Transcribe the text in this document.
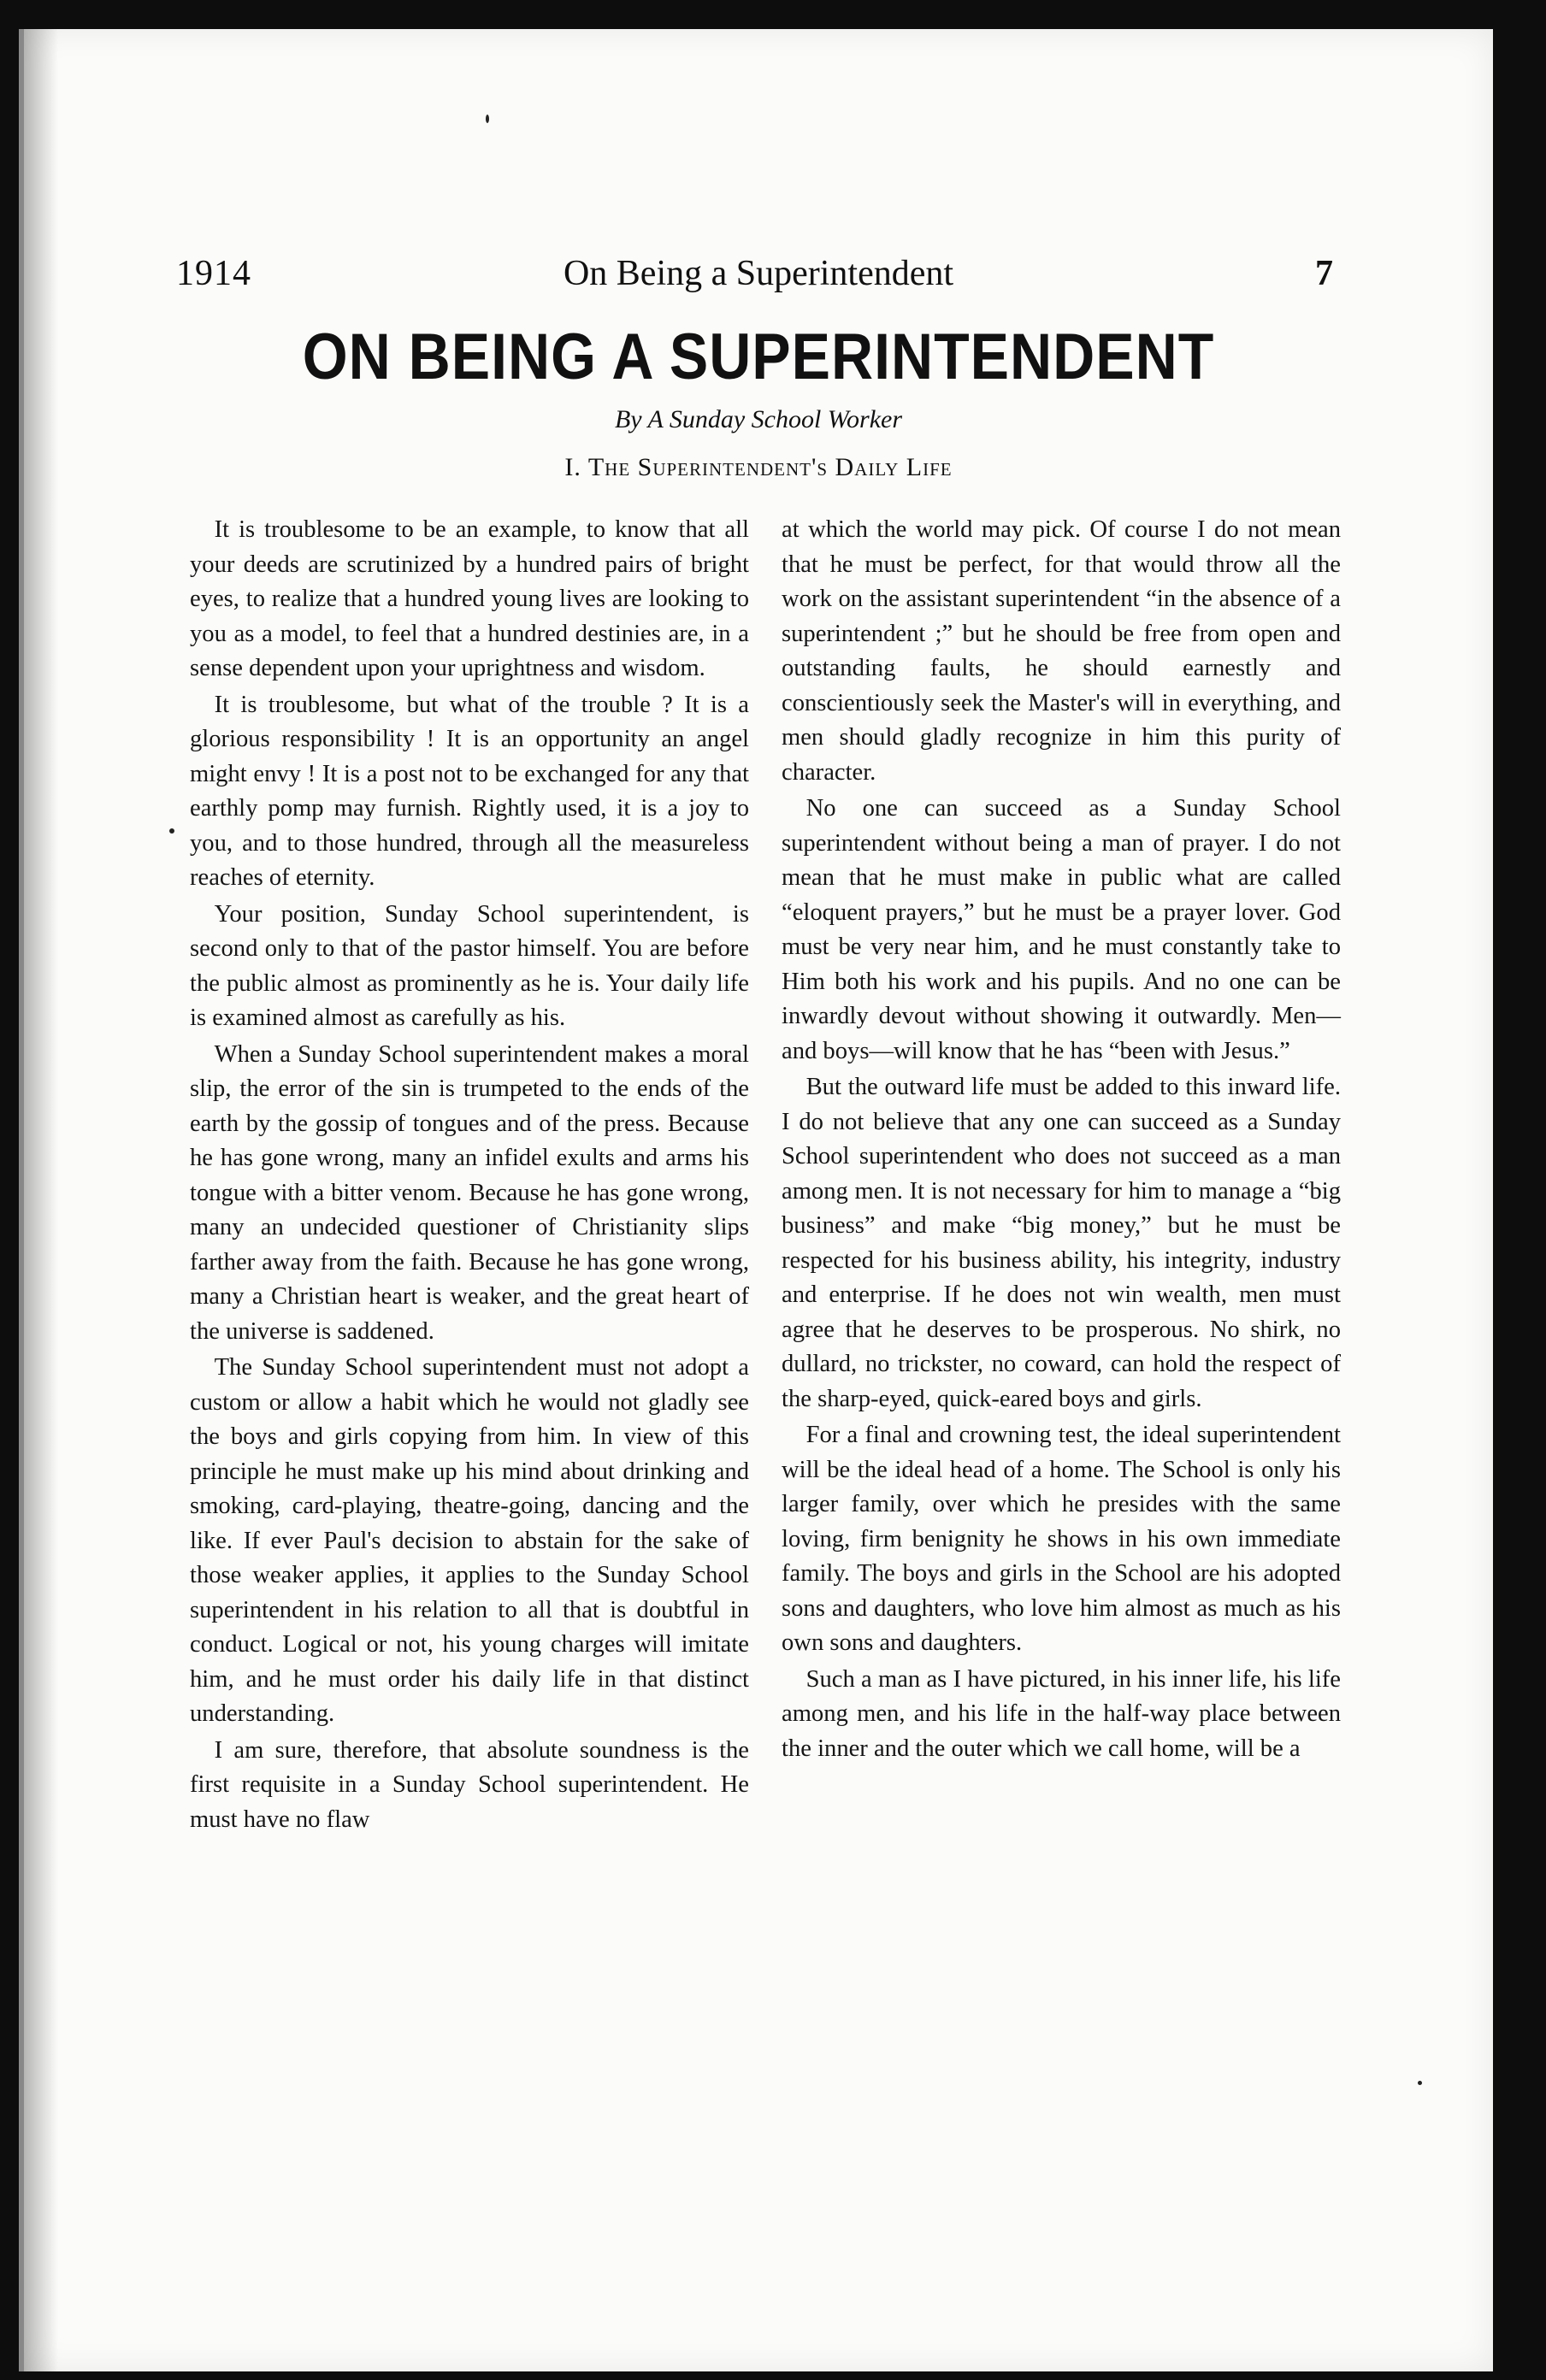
1914	On Being a Superintendent	7
ON BEING A SUPERINTENDENT
By A Sunday School Worker
I. The Superintendent's Daily Life

It is troublesome to be an example, to know that all your deeds are scrutinized by a hundred pairs of bright eyes, to realize that a hundred young lives are looking to you as a model, to feel that a hundred destinies are, in a sense dependent upon your uprightness and wisdom.

It is troublesome, but what of the trouble ? It is a glorious responsibility ! It is an opportunity an angel might envy ! It is a post not to be exchanged for any that earthly pomp may furnish. Rightly used, it is a joy to you, and to those hundred, through all the measureless reaches of eternity.

Your position, Sunday School superintendent, is second only to that of the pastor himself. You are before the public almost as prominently as he is. Your daily life is examined almost as carefully as his.

When a Sunday School superintendent makes a moral slip, the error of the sin is trumpeted to the ends of the earth by the gossip of tongues and of the press. Because he has gone wrong, many an infidel exults and arms his tongue with a bitter venom. Because he has gone wrong, many an undecided questioner of Christianity slips farther away from the faith. Because he has gone wrong, many a Christian heart is weaker, and the great heart of the universe is saddened.

The Sunday School superintendent must not adopt a custom or allow a habit which he would not gladly see the boys and girls copying from him. In view of this principle he must make up his mind about drinking and smoking, card-playing, theatre-going, dancing and the like. If ever Paul's decision to abstain for the sake of those weaker applies, it applies to the Sunday School superintendent in his relation to all that is doubtful in conduct. Logical or not, his young charges will imitate him, and he must order his daily life in that distinct understanding.

I am sure, therefore, that absolute soundness is the first requisite in a Sunday School superintendent. He must have no flaw

at which the world may pick. Of course I do not mean that he must be perfect, for that would throw all the work on the assistant superintendent “in the absence of a superintendent ;” but he should be free from open and outstanding faults, he should earnestly and conscientiously seek the Master's will in everything, and men should gladly recognize in him this purity of character.

No one can succeed as a Sunday School superintendent without being a man of prayer. I do not mean that he must make in public what are called “eloquent prayers,” but he must be a prayer lover. God must be very near him, and he must constantly take to Him both his work and his pupils. And no one can be inwardly devout without showing it outwardly. Men—and boys—will know that he has “been with Jesus.”

But the outward life must be added to this inward life. I do not believe that any one can succeed as a Sunday School superintendent who does not succeed as a man among men. It is not necessary for him to manage a “big business” and make “big money,” but he must be respected for his business ability, his integrity, industry and enterprise. If he does not win wealth, men must agree that he deserves to be prosperous. No shirk, no dullard, no trickster, no coward, can hold the respect of the sharp-eyed, quick-eared boys and girls.

For a final and crowning test, the ideal superintendent will be the ideal head of a home. The School is only his larger family, over which he presides with the same loving, firm benignity he shows in his own immediate family. The boys and girls in the School are his adopted sons and daughters, who love him almost as much as his own sons and daughters.

Such a man as I have pictured, in his inner life, his life among men, and his life in the half-way place between the inner and the outer which we call home, will be a
